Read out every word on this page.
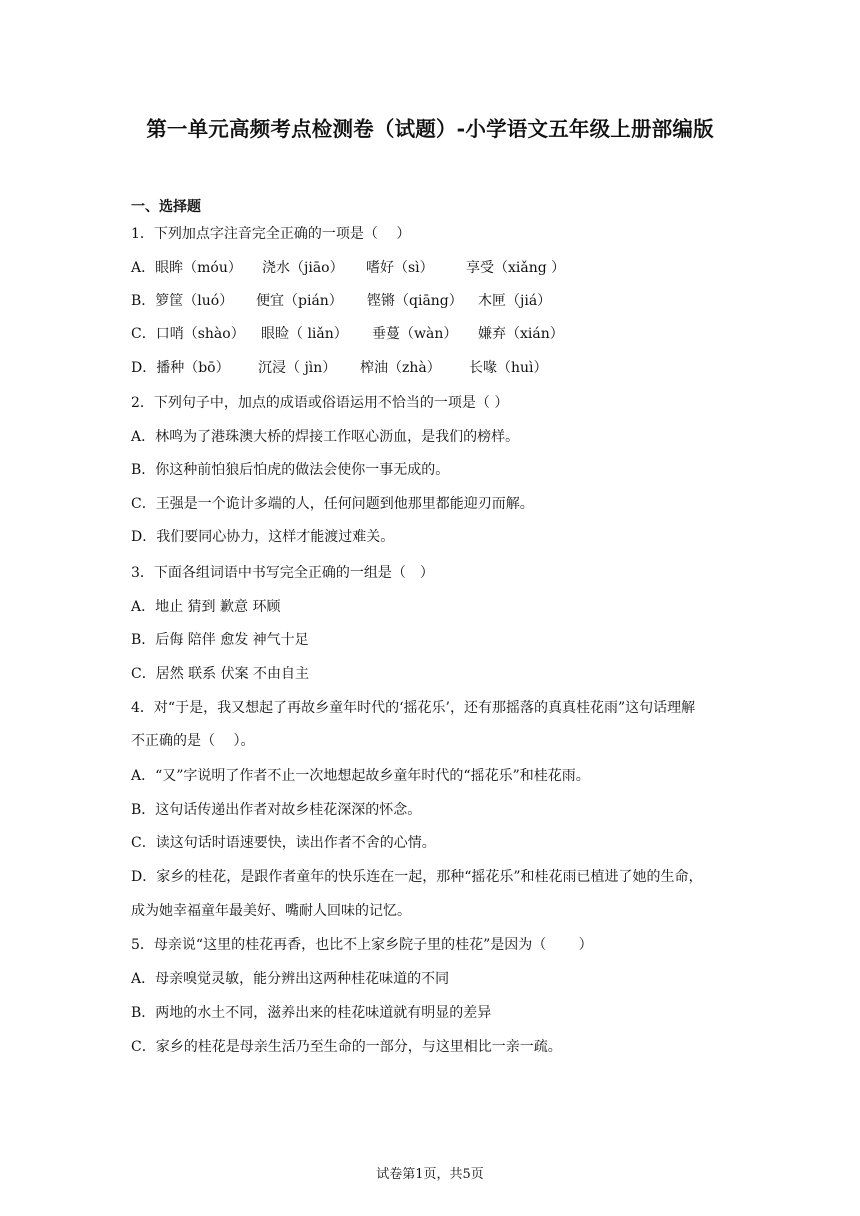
第一单元高频考点检测卷（试题）-小学语文五年级上册部编版
一、选择题
1．下列加点字注音完全正确的一项是（　 ）
A．眼眸（móu） 浇水（jiāo） 嗜好（sì） 享受（xiǎng ）
B．箩筐（luó） 便宜（pián） 铿锵（qiāng） 木匣（jiá）
C．口哨（shào） 眼睑（ liǎn） 垂蔓（wàn） 嫌弃（xián）
D．播种（bō） 沉浸（ jìn） 榨油（zhà） 长喙（huì）
2．下列句子中，加点的成语或俗语运用不恰当的一项是（ ）
A．林鸣为了港珠澳大桥的焊接工作呕心沥血，是我们的榜样。
B．你这种前怕狼后怕虎的做法会使你一事无成的。
C．王强是一个诡计多端的人，任何问题到他那里都能迎刃而解。
D．我们要同心协力，这样才能渡过难关。
3．下面各组词语中书写完全正确的一组是（　）
A．地止 猜到 歉意 环顾
B．后侮 陪伴 愈发 神气十足
C．居然 联系 伏案 不由自主
4．对“于是，我又想起了再故乡童年时代的‘摇花乐’，还有那摇落的真真桂花雨”这句话理解
不正确的是（　 ）。
A．“又”字说明了作者不止一次地想起故乡童年时代的“摇花乐”和桂花雨。
B．这句话传递出作者对故乡桂花深深的怀念。
C．读这句话时语速要快，读出作者不舍的心情。
D．家乡的桂花，是跟作者童年的快乐连在一起，那种“摇花乐”和桂花雨已植进了她的生命，
成为她幸福童年最美好、嘴耐人回味的记忆。
5．母亲说“这里的桂花再香，也比不上家乡院子里的桂花”是因为（　　 ）
A．母亲嗅觉灵敏，能分辨出这两种桂花味道的不同
B．两地的水土不同，滋养出来的桂花味道就有明显的差异
C．家乡的桂花是母亲生活乃至生命的一部分，与这里相比一亲一疏。
试卷第1页，共5页
